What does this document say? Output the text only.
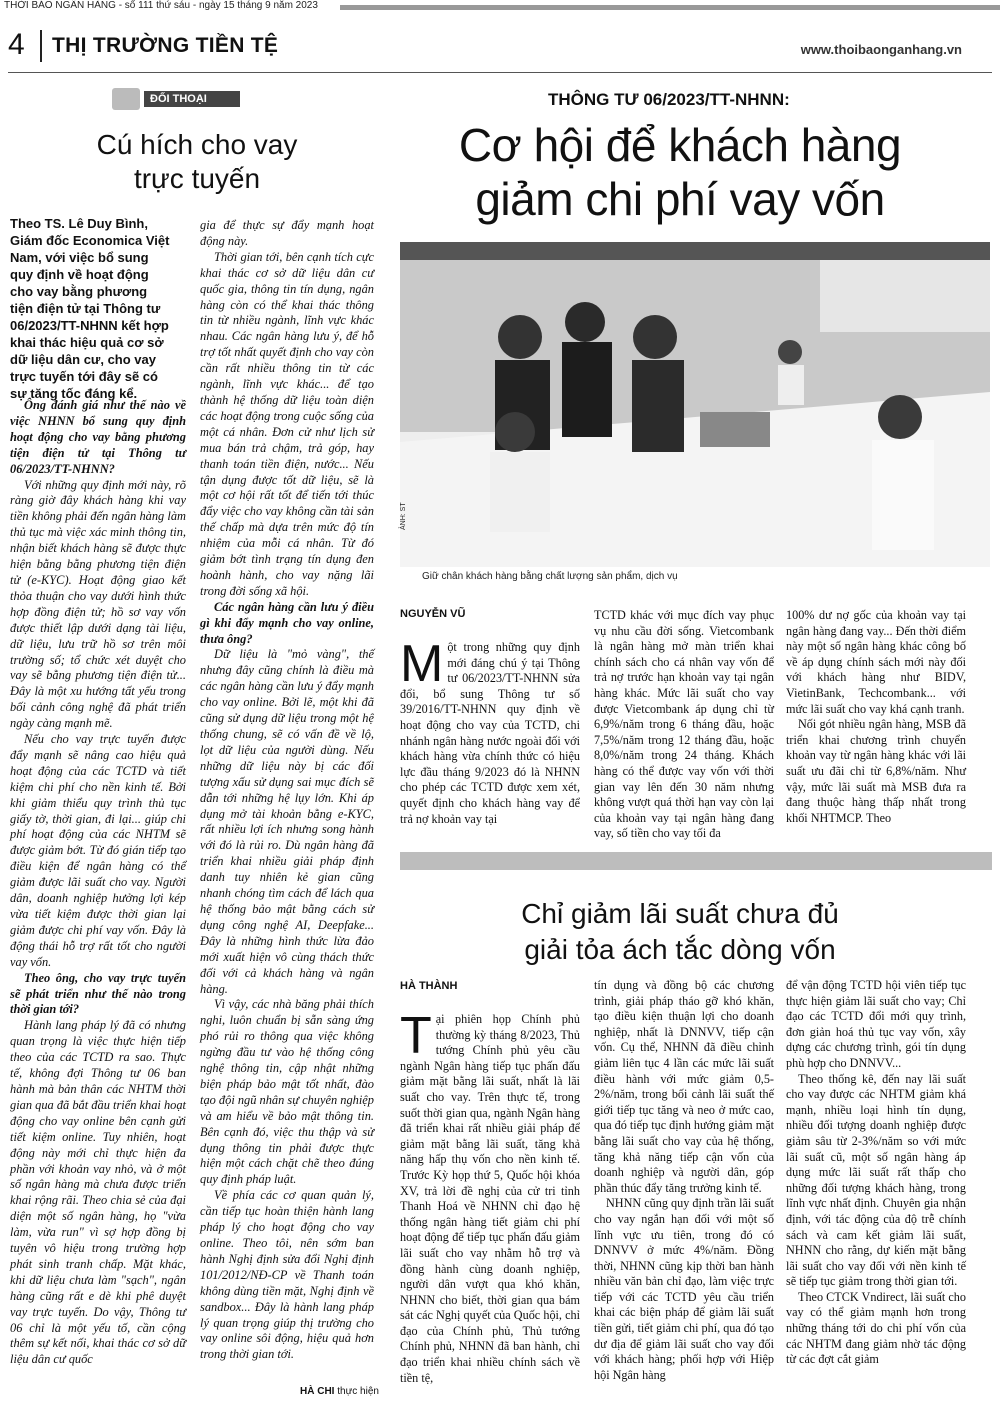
THỜI BÁO NGÂN HÀNG - số 111 thứ sáu - ngày 15 tháng 9 năm 2023
4 THỊ TRƯỜNG TIỀN TỆ	www.thoibaonganhang.vn
ĐỐI THOẠI
Cú hích cho vay
trực tuyến
Theo TS. Lê Duy Bình, Giám đốc Economica Việt Nam, với việc bổ sung quy định về hoạt động cho vay bằng phương tiện điện tử tại Thông tư 06/2023/TT-NHNN kết hợp khai thác hiệu quả cơ sở dữ liệu dân cư, cho vay trực tuyến tới đây sẽ có sự tăng tốc đáng kể.

Ông đánh giá như thế nào về việc NHNN bổ sung quy định hoạt động cho vay bằng phương tiện điện tử tại Thông tư 06/2023/TT-NHNN?

Với những quy định mới này, rõ ràng giờ đây khách hàng khi vay tiền không phải đến ngân hàng làm thủ tục mà việc xác minh thông tin, nhận biết khách hàng sẽ được thực hiện bằng bằng phương tiện điện tử (e-KYC). Hoạt động giao kết thỏa thuận cho vay dưới hình thức hợp đồng điện tử; hồ sơ vay vốn được thiết lập dưới dạng tài liệu, dữ liệu, lưu trữ hồ sơ trên môi trường số; tổ chức xét duyệt cho vay sẽ bằng phương tiện điện tử... Đây là một xu hướng tất yếu trong bối cảnh công nghệ đã phát triển ngày càng mạnh mẽ.

Nếu cho vay trực tuyến được đẩy mạnh sẽ nâng cao hiệu quả hoạt động của các TCTD và tiết kiệm chi phí cho nền kinh tế. Bởi khi giảm thiểu quy trình thủ tục giấy tờ, thời gian, đi lại... giúp chi phí hoạt động của các NHTM sẽ được giảm bớt. Từ đó gián tiếp tạo điều kiện để ngân hàng có thể giảm được lãi suất cho vay. Người dân, doanh nghiệp hưởng lợi kép vừa tiết kiệm được thời gian lại giảm được chi phí vay vốn. Đây là động thái hỗ trợ rất tốt cho người vay vốn.

Theo ông, cho vay trực tuyến sẽ phát triển như thế nào trong thời gian tới?

Hành lang pháp lý đã có nhưng quan trọng là việc thực hiện tiếp theo của các TCTD ra sao. Thực tế, không đợi Thông tư 06 ban hành mà bản thân các NHTM thời gian qua đã bắt đầu triển khai hoạt động cho vay online bên cạnh gửi tiết kiệm online. Tuy nhiên, hoạt động này mới chỉ thực hiện đa phần với khoản vay nhỏ, và ở một số ngân hàng mà chưa được triển khai rộng rãi. Theo chia sẻ của đại diện một số ngân hàng, họ "vừa làm, vừa run" vì sợ hợp đồng bị tuyên vô hiệu trong trường hợp phát sinh tranh chấp. Mặt khác, khi dữ liệu chưa làm "sạch", ngân hàng cũng rất e dè khi phê duyệt vay trực tuyến. Do vậy, Thông tư 06 chỉ là một yếu tố, cần cộng thêm sự kết nối, khai thác cơ sở dữ liệu dân cư quốc

gia để thực sự đẩy mạnh hoạt động này.

Thời gian tới, bên cạnh tích cực khai thác cơ sở dữ liệu dân cư quốc gia, thông tin tín dụng, ngân hàng còn có thể khai thác thông tin từ nhiều ngành, lĩnh vực khác nhau. Các ngân hàng lưu ý, để hỗ trợ tốt nhất quyết định cho vay còn cần rất nhiều thông tin từ các ngành, lĩnh vực khác... để tạo thành hệ thống dữ liệu toàn diện các hoạt động trong cuộc sống của một cá nhân. Đơn cử như lịch sử mua bán trả chậm, trả góp, hay thanh toán tiền điện, nước... Nếu tận dụng được tốt dữ liệu, sẽ là một cơ hội rất tốt để tiến tới thúc đẩy việc cho vay không cần tài sản thế chấp mà dựa trên mức độ tín nhiệm của mỗi cá nhân. Từ đó giảm bớt tình trạng tín dụng đen hoành hành, cho vay nặng lãi trong đời sống xã hội.

Các ngân hàng cần lưu ý điều gì khi đẩy mạnh cho vay online, thưa ông?

Dữ liệu là "mỏ vàng", thế nhưng đây cũng chính là điều mà các ngân hàng cần lưu ý đẩy mạnh cho vay online. Bởi lẽ, một khi đã cũng sử dụng dữ liệu trong một hệ thống chung, sẽ có vấn đề về lộ, lọt dữ liệu của người dùng. Nếu những dữ liệu này bị các đối tượng xấu sử dụng sai mục đích sẽ dẫn tới những hệ lụy lớn. Khi áp dụng mở tài khoản bằng e-KYC, rất nhiều lợi ích nhưng song hành với đó là rủi ro. Dù ngân hàng đã triển khai nhiều giải pháp định danh tuy nhiên kẻ gian cũng nhanh chóng tìm cách để lách qua hệ thống bảo mật bằng cách sử dụng công nghệ AI, Deepfake... Đây là những hình thức lừa đảo mới xuất hiện vô cùng thách thức đối với cả khách hàng và ngân hàng.

Vì vậy, các nhà băng phải thích nghi, luôn chuẩn bị sẵn sàng ứng phó rủi ro thông qua việc không ngừng đầu tư vào hệ thống công nghệ thông tin, cập nhật những biện pháp bảo mật tốt nhất, đào tạo đội ngũ nhân sự chuyên nghiệp và am hiểu về bảo mật thông tin. Bên cạnh đó, việc thu thập và sử dụng thông tin phải được thực hiện một cách chặt chẽ theo đúng quy định pháp luật.

Về phía các cơ quan quản lý, cần tiếp tục hoàn thiện hành lang pháp lý cho hoạt động cho vay online. Theo tôi, nên sớm ban hành Nghị định sửa đổi Nghị định 101/2012/NĐ-CP về Thanh toán không dùng tiền mặt, Nghị định về sandbox... Đây là hành lang pháp lý quan trọng giúp thị trường cho vay online sôi động, hiệu quả hơn trong thời gian tới.

HÀ CHI thực hiện
THÔNG TƯ 06/2023/TT-NHNN:
Cơ hội để khách hàng
giảm chi phí vay vốn
ẢNH: ST
Giữ chân khách hàng bằng chất lượng sản phẩm, dịch vụ
NGUYỄN VŨ

Một trong những quy định mới đáng chú ý tại Thông tư 06/2023/TT-NHNN sửa đổi, bổ sung Thông tư số 39/2016/TT-NHNN quy định về hoạt động cho vay của TCTD, chi nhánh ngân hàng nước ngoài đối với khách hàng vừa chính thức có hiệu lực đầu tháng 9/2023 đó là NHNN cho phép các TCTD được xem xét, quyết định cho khách hàng vay để trả nợ khoản vay tại

TCTD khác với mục đích vay phục vụ nhu cầu đời sống. Vietcombank là ngân hàng mở màn triển khai chính sách cho cá nhân vay vốn để trả nợ trước hạn khoản vay tại ngân hàng khác. Mức lãi suất cho vay được Vietcombank áp dụng chỉ từ 6,9%/năm trong 6 tháng đầu, hoặc 7,5%/năm trong 12 tháng đầu, hoặc 8,0%/năm trong 24 tháng. Khách hàng có thể được vay vốn với thời gian vay lên đến 30 năm nhưng không vượt quá thời hạn vay còn lại của khoản vay tại ngân hàng đang vay, số tiền cho vay tối đa

100% dư nợ gốc của khoản vay tại ngân hàng đang vay... Đến thời điểm này một số ngân hàng khác công bố về áp dụng chính sách mới này đối với khách hàng như BIDV, VietinBank, Techcombank... với mức lãi suất cho vay khá cạnh tranh.

Nối gót nhiều ngân hàng, MSB đã triển khai chương trình chuyển khoản vay từ ngân hàng khác với lãi suất ưu đãi chỉ từ 6,8%/năm. Như vậy, mức lãi suất mà MSB đưa ra đang thuộc hàng thấp nhất trong khối NHTMCP. Theo

Chỉ giảm lãi suất chưa đủ
giải tỏa ách tắc dòng vốn
HÀ THÀNH

Tại phiên họp Chính phủ thường kỳ tháng 8/2023, Thủ tướng Chính phủ yêu cầu ngành Ngân hàng tiếp tục phấn đấu giảm mặt bằng lãi suất, nhất là lãi suất cho vay. Trên thực tế, trong suốt thời gian qua, ngành Ngân hàng đã triển khai rất nhiều giải pháp để giảm mặt bằng lãi suất, tăng khả năng hấp thụ vốn cho nền kinh tế. Trước Kỳ họp thứ 5, Quốc hội khóa XV, trả lời đề nghị của cử tri tỉnh Thanh Hoá về NHNN chỉ đạo hệ thống ngân hàng tiết giảm chi phí hoạt động để tiếp tục phấn đấu giảm lãi suất cho vay nhằm hỗ trợ và đồng hành cùng doanh nghiệp, người dân vượt qua khó khăn, NHNN cho biết, thời gian qua bám sát các Nghị quyết của Quốc hội, chỉ đạo của Chính phủ, Thủ tướng Chính phủ, NHNN đã ban hành, chỉ đạo triển khai nhiều chính sách về tiền tệ,

tín dụng và đồng bộ các chương trình, giải pháp tháo gỡ khó khăn, tạo điều kiện thuận lợi cho doanh nghiệp, nhất là DNNVV, tiếp cận vốn. Cụ thể, NHNN đã điều chỉnh giảm liên tục 4 lần các mức lãi suất điều hành với mức giảm 0,5-2%/năm, trong bối cảnh lãi suất thế giới tiếp tục tăng và neo ở mức cao, qua đó tiếp tục định hướng giảm mặt bằng lãi suất cho vay của hệ thống, tăng khả năng tiếp cận vốn của doanh nghiệp và người dân, góp phần thúc đẩy tăng trưởng kinh tế.

NHNN cũng quy định trần lãi suất cho vay ngắn hạn đối với một số lĩnh vực ưu tiên, trong đó có DNNVV ở mức 4%/năm. Đồng thời, NHNN cũng kịp thời ban hành nhiều văn bản chỉ đạo, làm việc trực tiếp với các TCTD yêu cầu triển khai các biện pháp để giảm lãi suất tiền gửi, tiết giảm chi phí, qua đó tạo dư địa để giảm lãi suất cho vay đối với khách hàng; phối hợp với Hiệp hội Ngân hàng

để vận động TCTD hội viên tiếp tục thực hiện giảm lãi suất cho vay; Chỉ đạo các TCTD đổi mới quy trình, đơn giản hoá thủ tục vay vốn, xây dựng các chương trình, gói tín dụng phù hợp cho DNNVV...

Theo thống kê, đến nay lãi suất cho vay được các NHTM giảm khá mạnh, nhiều loại hình tín dụng, nhiều đối tượng doanh nghiệp được giảm sâu từ 2-3%/năm so với mức lãi suất cũ, một số ngân hàng áp dụng mức lãi suất rất thấp cho những đối tượng khách hàng, trong lĩnh vực nhất định. Chuyên gia nhận định, với tác động của độ trễ chính sách và cam kết giảm lãi suất, NHNN cho rằng, dự kiến mặt bằng lãi suất cho vay đối với nền kinh tế sẽ tiếp tục giảm trong thời gian tới.

Theo CTCK Vndirect, lãi suất cho vay có thể giảm mạnh hơn trong những tháng tới do chi phí vốn của các NHTM đang giảm nhờ tác động từ các đợt cắt giảm
